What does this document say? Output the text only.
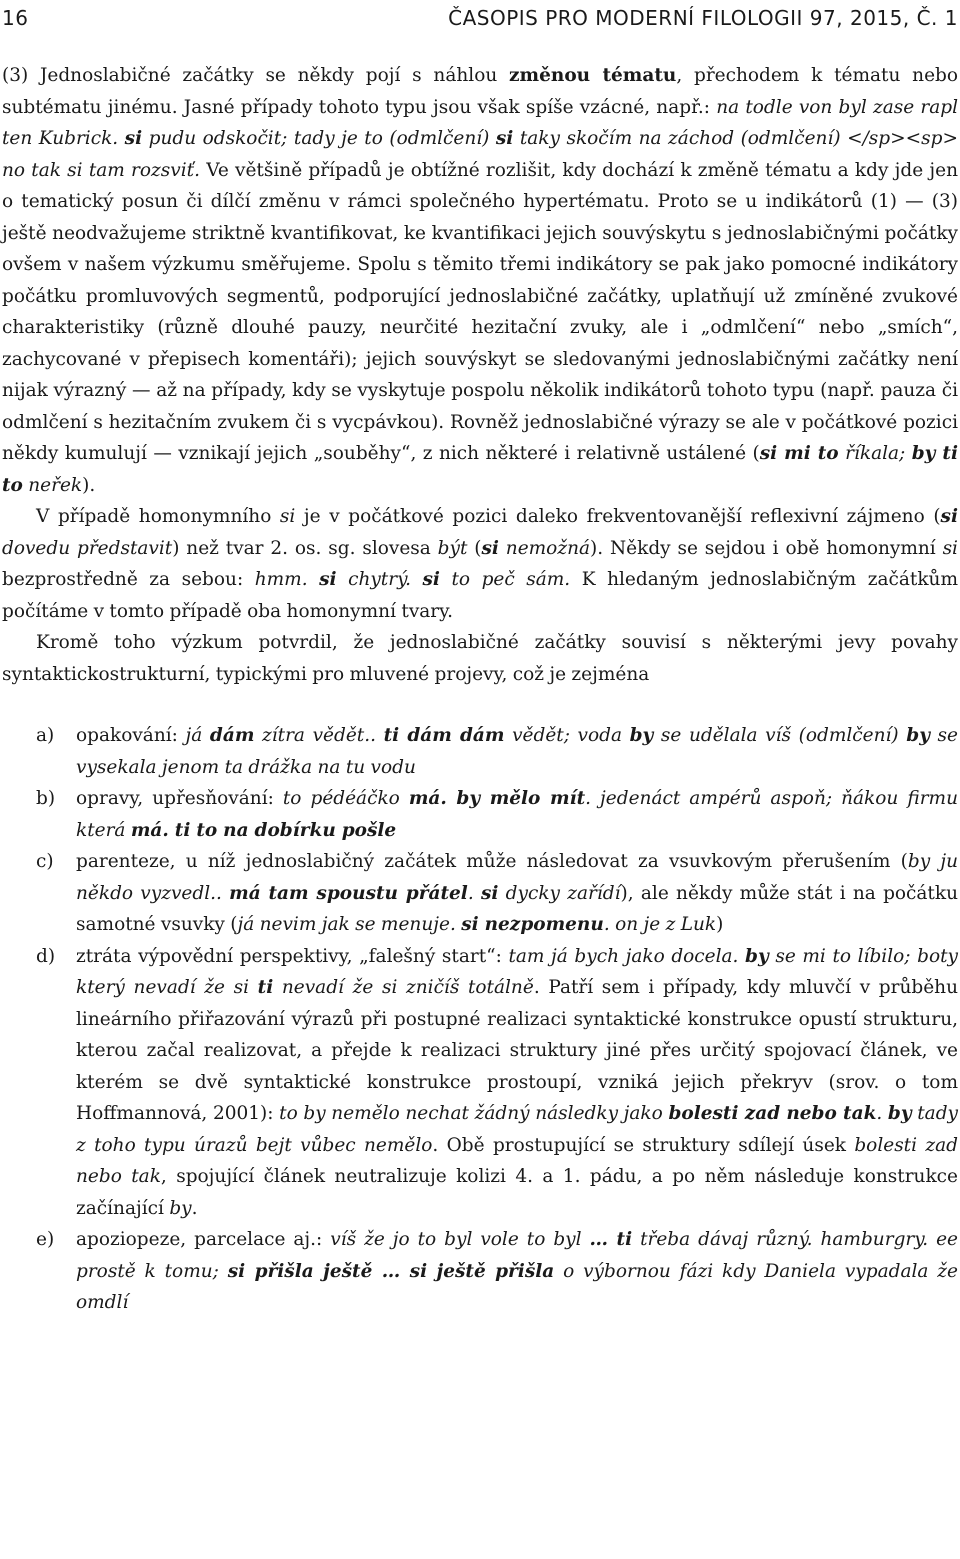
16	ČASOPIS PRO MODERNÍ FILOLOGII 97, 2015, Č. 1

(3) Jednoslabičné začátky se někdy pojí s náhlou změnou tématu, přechodem k tématu nebo subtématu jinému. Jasné případy tohoto typu jsou však spíše vzácné, např.: na todle von byl zase rapl ten Kubrick. si pudu odskočit; tady je to (odmlčení) si taky skočím na záchod (odmlčení) </sp><sp> no tak si tam rozsviť. Ve většině případů je obtížné rozlišit, kdy dochází k změně tématu a kdy jde jen o tematický posun či dílčí změnu v rámci společného hypertématu. Proto se u indikátorů (1) — (3) ještě neodvažujeme striktně kvantifikovat, ke kvantifikaci jejich souvýskytu s jednoslabičnými počátky ovšem v našem výzkumu směřujeme. Spolu s těmito třemi indikátory se pak jako pomocné indikátory počátku promluvových segmentů, podporující jednoslabičné začátky, uplatňují už zmíněné zvukové charakteristiky (různě dlouhé pauzy, neurčité hezitační zvuky, ale i „odmlčení“ nebo „smích“, zachycované v přepisech komentáři); jejich souvýskyt se sledovanými jednoslabičnými začátky není nijak výrazný — až na případy, kdy se vyskytuje pospolu několik indikátorů tohoto typu (např. pauza či odmlčení s hezitačním zvukem či s vycpávkou). Rovněž jednoslabičné výrazy se ale v počátkové pozici někdy kumulují — vznikají jejich „souběhy“, z nich některé i relativně ustálené (si mi to říkala; by ti to neřek).

V případě homonymního si je v počátkové pozici daleko frekventovanější reflexivní zájmeno (si dovedu představit) než tvar 2. os. sg. slovesa být (si nemožná). Někdy se sejdou i obě homonymní si bezprostředně za sebou: hmm. si chytrý. si to peč sám. K hledaným jednoslabičným začátkům počítáme v tomto případě oba homonymní tvary.

Kromě toho výzkum potvrdil, že jednoslabičné začátky souvisí s některými jevy povahy syntaktickostrukturní, typickými pro mluvené projevy, což je zejména

a) opakování: já dám zítra vědět.. ti dám dám vědět; voda by se udělala víš (odmlčení) by se vysekala jenom ta drážka na tu vodu
b) opravy, upřesňování: to pédéáčko má. by mělo mít. jedenáct ampérů aspoň; ňákou firmu která má. ti to na dobírku pošle
c) parenteze, u níž jednoslabičný začátek může následovat za vsuvkovým přerušením (by ju někdo vyzvedl.. má tam spoustu přátel. si dycky zařídí), ale někdy může stát i na počátku samotné vsuvky (já nevim jak se menuje. si nezpomenu. on je z Luk)
d) ztráta výpovědní perspektivy, „falešný start“: tam já bych jako docela. by se mi to líbilo; boty který nevadí že si ti nevadí že si zničíš totálně. Patří sem i případy, kdy mluvčí v průběhu lineárního přiřazování výrazů při postupné realizaci syntaktické konstrukce opustí strukturu, kterou začal realizovat, a přejde k realizaci struktury jiné přes určitý spojovací článek, ve kterém se dvě syntaktické konstrukce prostoupí, vzniká jejich překryv (srov. o tom Hoffmannová, 2001): to by nemělo nechat žádný následky jako bolesti zad nebo tak. by tady z toho typu úrazů bejt vůbec nemělo. Obě prostupující se struktury sdílejí úsek bolesti zad nebo tak, spojující článek neutralizuje kolizi 4. a 1. pádu, a po něm následuje konstrukce začínající by.
e) apoziopeze, parcelace aj.: víš že jo to byl vole to byl … ti třeba dávaj různý. hamburgry. ee prostě k tomu; si přišla ještě … si ještě přišla o výbornou fázi kdy Daniela vypadala že omdlí
